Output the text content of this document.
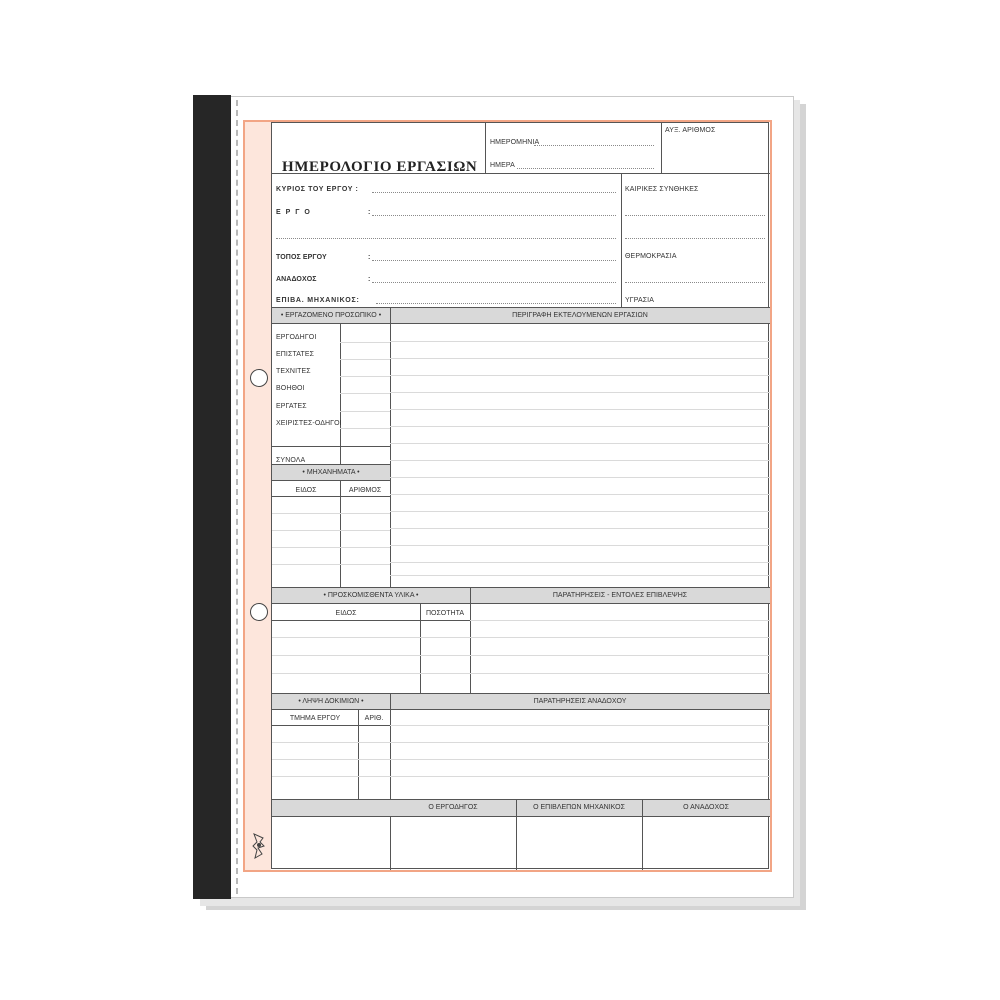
ΗΜΕΡΟΛΟΓΙΟ ΕΡΓΑΣΙΩΝ
ΗΜΕΡΟΜΗΝΙΑ
ΗΜΕΡΑ
ΑΥΞ. ΑΡΙΘΜΟΣ
ΚΥΡΙΟΣ ΤΟΥ ΕΡΓΟΥ :
Ε Ρ Γ Ο	:
ΤΟΠΟΣ ΕΡΓΟΥ	:
ΑΝΑΔΟΧΟΣ	:
ΕΠΙΒΑ. ΜΗΧΑΝΙΚΟΣ:
ΚΑΙΡΙΚΕΣ ΣΥΝΘΗΚΕΣ
ΘΕΡΜΟΚΡΑΣΙΑ
ΥΓΡΑΣΙΑ
• ΕΡΓΑΖΟΜΕΝΟ ΠΡΟΣΩΠΙΚΟ •	ΠΕΡΙΓΡΑΦΗ ΕΚΤΕΛΟΥΜΕΝΩΝ ΕΡΓΑΣΙΩΝ
ΕΡΓΟΔΗΓΟΙ
ΕΠΙΣΤΑΤΕΣ
ΤΕΧΝΙΤΕΣ
ΒΟΗΘΟΙ
ΕΡΓΑΤΕΣ
ΧΕΙΡΙΣΤΕΣ-ΟΔΗΓΟΙ
ΣΥΝΟΛΑ
• ΜΗΧΑΝΗΜΑΤΑ •
ΕΙΔΟΣ	ΑΡΙΘΜΟΣ
• ΠΡΟΣΚΟΜΙΣΘΕΝΤΑ ΥΛΙΚΑ •	ΠΑΡΑΤΗΡΗΣΕΙΣ - ΕΝΤΟΛΕΣ ΕΠΙΒΛΕΨΗΣ
ΕΙΔΟΣ	ΠΟΣΟΤΗΤΑ
• ΛΗΨΗ ΔΟΚΙΜΙΩΝ •	ΠΑΡΑΤΗΡΗΣΕΙΣ ΑΝΑΔΟΧΟΥ
ΤΜΗΜΑ ΕΡΓΟΥ	ΑΡΙΘ.
Ο ΕΡΓΟΔΗΓΟΣ	Ο ΕΠΙΒΛΕΠΩΝ ΜΗΧΑΝΙΚΟΣ	Ο ΑΝΑΔΟΧΟΣ
